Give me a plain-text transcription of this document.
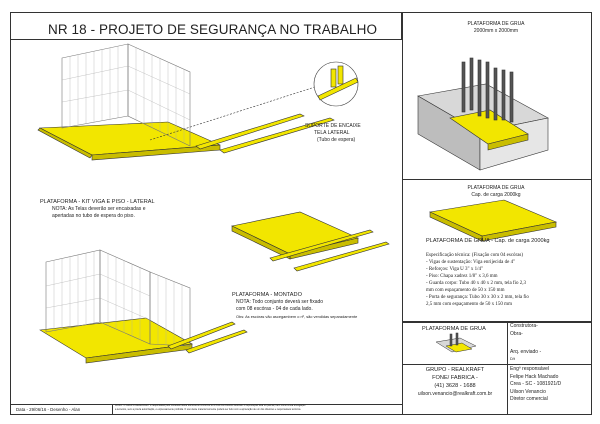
NR 18 - PROJETO DE SEGURANÇA NO TRABALHO
SUPORTE DE ENCAIXE
TELA LATERAL
(Tubo de espera)
PLATAFORMA - KIT VIGA E PISO - LATERAL
NOTA: As Telas deverão ser encaixadas e
apertadas no tubo de espera do piso.
PLATAFORMA - MONTADO
NOTA: Todo conjunto deverá ser fixado
com 08 escóras - 04 de cada lado.
Obs: As escóras vão ascegambem o nº, são vendidas separadamente
PLATAFORMA DE GRUA
2000mm x 2000mm
PLATAFORMA DE GRUA
Cap. de carga 2000kg
PLATAFORMA DE GRUA - Cap. de carga 2000kg
Especificação técnica: (Fixação com 04 escóras)
- Vigas de sustentação: Viga enrijecida de 4"
- Reforços: Viga U 3" x 1/4"
- Piso: Chapa xadrez 1/8" x 3,6 mm
- Guarda corpo: Tubo 40 x 40 x 2 mm, tela fio 2,3
mm com espaçamento de 50 x 150 mm
- Porta de segurança: Tubo 30 x 30 x 2 mm, tela fio
2,5 mm com espaçamento de 50 x 150 mm
PLATAFORMA DE GRUA	Construtora-
Obra-
Arq. enviado -
D/t
GRUPO - REALKRAFT
FONE/ FABRICA -
(41) 3628 - 1688
uilson.venancio@realkraft.com.br
Engº responsável
Felipe Hack Machado
Crea - SC - 1081921/D
Uilson Venancio
Diretor comercial
Data - 29/06/16 - Desenho - Alan
AVISO: O GRUPO REALKRAFT é responsável pelo conteúdo deste documento conforme lei 9.610 dos Direitos Autorais. A reprodução total ou parcial, bem como a sua divulgação
a terceiros, sem a prévia autorização, é expressamente proibida. O uso deste material somente poderá ser feito com a aprovação de um dos diretores e responsáveis técnicos.
